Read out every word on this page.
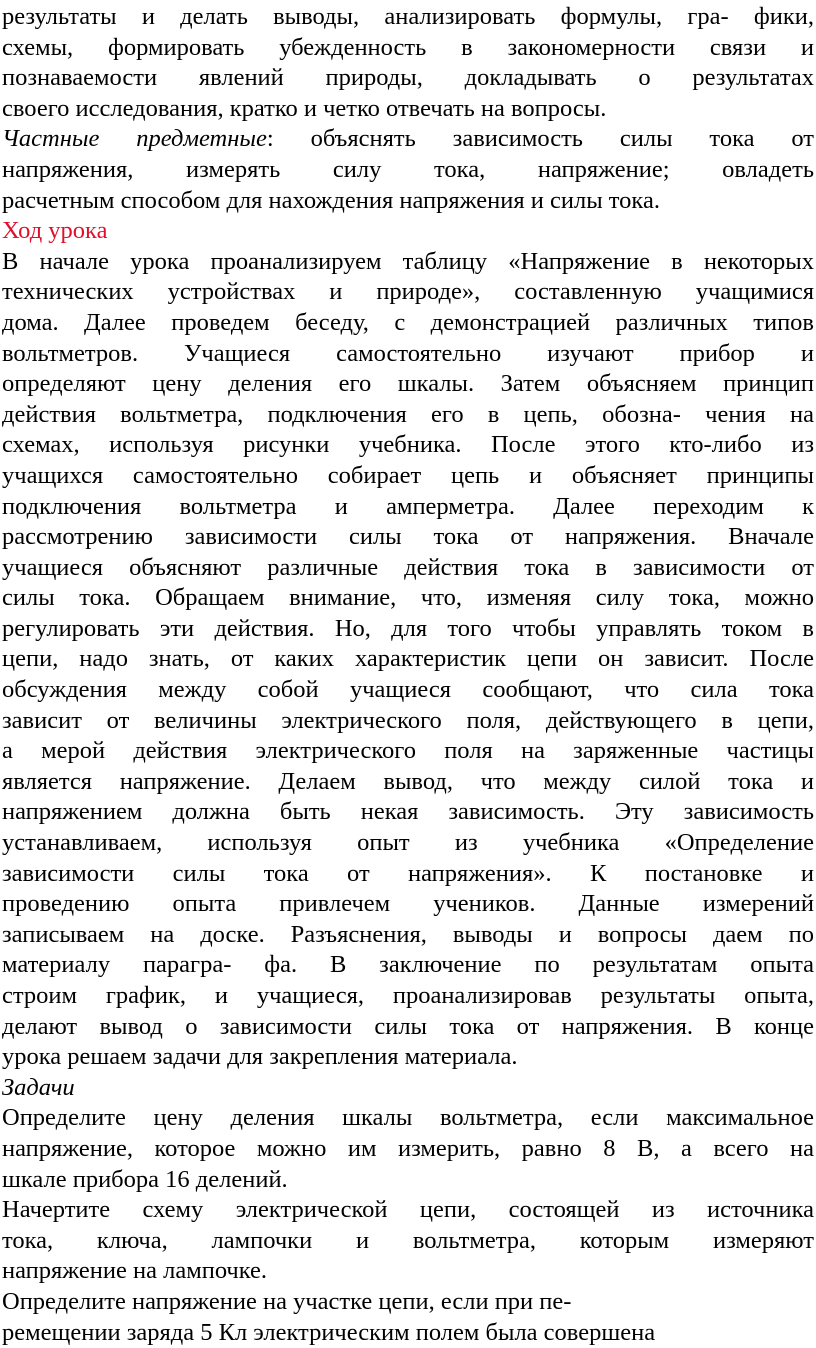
результаты и делать выводы, анализировать формулы, гра- фики,
схемы, формировать убежденность в закономерности связи и
познаваемости явлений природы, докладывать о результатах
своего исследования, кратко и четко отвечать на вопросы.
Частные предметные: объяснять зависимость силы тока от
напряжения, измерять силу тока, напряжение; овладеть
расчетным способом для нахождения напряжения и силы тока.
Ход урока
В начале урока проанализируем таблицу «Напряжение в некоторых
технических устройствах и природе», составленную учащимися
дома. Далее проведем беседу, с демонстрацией различных типов
вольтметров. Учащиеся самостоятельно изучают прибор и
определяют цену деления его шкалы. Затем объясняем принцип
действия вольтметра, подключения его в цепь, обозна- чения на
схемах, используя рисунки учебника. После этого кто-либо из
учащихся самостоятельно собирает цепь и объясняет принципы
подключения вольтметра и амперметра. Далее переходим к
рассмотрению зависимости силы тока от напряжения. Вначале
учащиеся объясняют различные действия тока в зависимости от
силы тока. Обращаем внимание, что, изменяя силу тока, можно
регулировать эти действия. Но, для того чтобы управлять током в
цепи, надо знать, от каких характеристик цепи он зависит. После
обсуждения между собой учащиеся сообщают, что сила тока
зависит от величины электрического поля, действующего в цепи,
а мерой действия электрического поля на заряженные частицы
является напряжение. Делаем вывод, что между силой тока и
напряжением должна быть некая зависимость. Эту зависимость
устанавливаем, используя опыт из учебника «Определение
зависимости силы тока от напряжения». К постановке и
проведению опыта привлечем учеников. Данные измерений
записываем на доске. Разъяснения, выводы и вопросы даем по
материалу парагра- фа. В заключение по результатам опыта
строим график, и учащиеся, проанализировав результаты опыта,
делают вывод о зависимости силы тока от напряжения. В конце
урока решаем задачи для закрепления материала.
Задачи
Определите цену деления шкалы вольтметра, если максимальное
напряжение, которое можно им измерить, равно 8 В, а всего на
шкале прибора 16 делений.
Начертите схему электрической цепи, состоящей из источника
тока, ключа, лампочки и вольтметра, которым измеряют
напряжение на лампочке.
Определите напряжение на участке цепи, если при пе-
ремещении заряда 5 Кл электрическим полем была совершена
